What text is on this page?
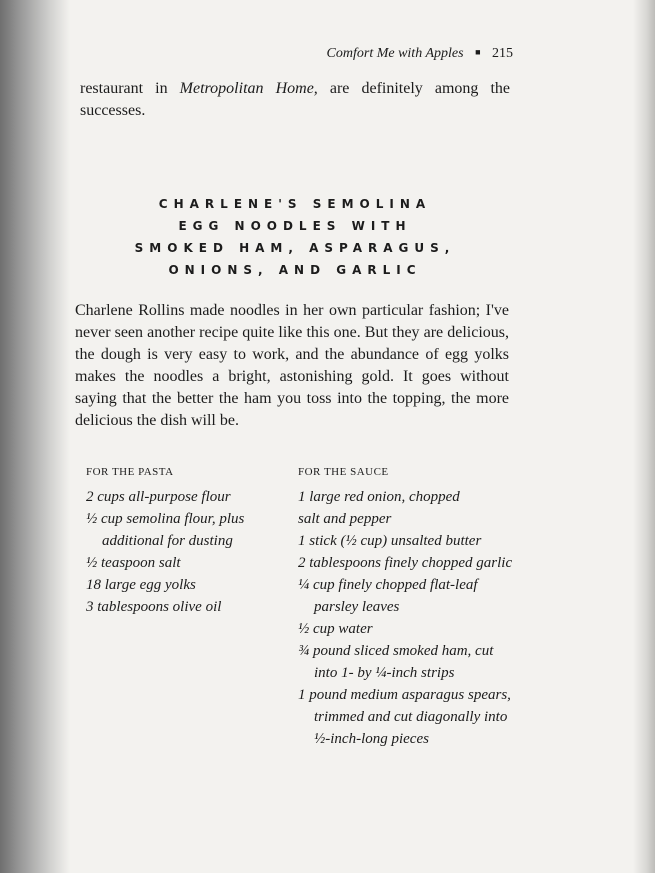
Comfort Me with Apples ■ 215
restaurant in Metropolitan Home, are definitely among the successes.
CHARLENE'S SEMOLINA
EGG NOODLES WITH
SMOKED HAM, ASPARAGUS,
ONIONS, AND GARLIC
Charlene Rollins made noodles in her own particular fashion; I've never seen another recipe quite like this one. But they are delicious, the dough is very easy to work, and the abundance of egg yolks makes the noodles a bright, astonishing gold. It goes without saying that the better the ham you toss into the topping, the more delicious the dish will be.
FOR THE PASTA
2 cups all-purpose flour
½ cup semolina flour, plus additional for dusting
½ teaspoon salt
18 large egg yolks
3 tablespoons olive oil
FOR THE SAUCE
1 large red onion, chopped
salt and pepper
1 stick (½ cup) unsalted butter
2 tablespoons finely chopped garlic
¼ cup finely chopped flat-leaf parsley leaves
½ cup water
¾ pound sliced smoked ham, cut into 1- by ¼-inch strips
1 pound medium asparagus spears, trimmed and cut diagonally into ½-inch-long pieces
